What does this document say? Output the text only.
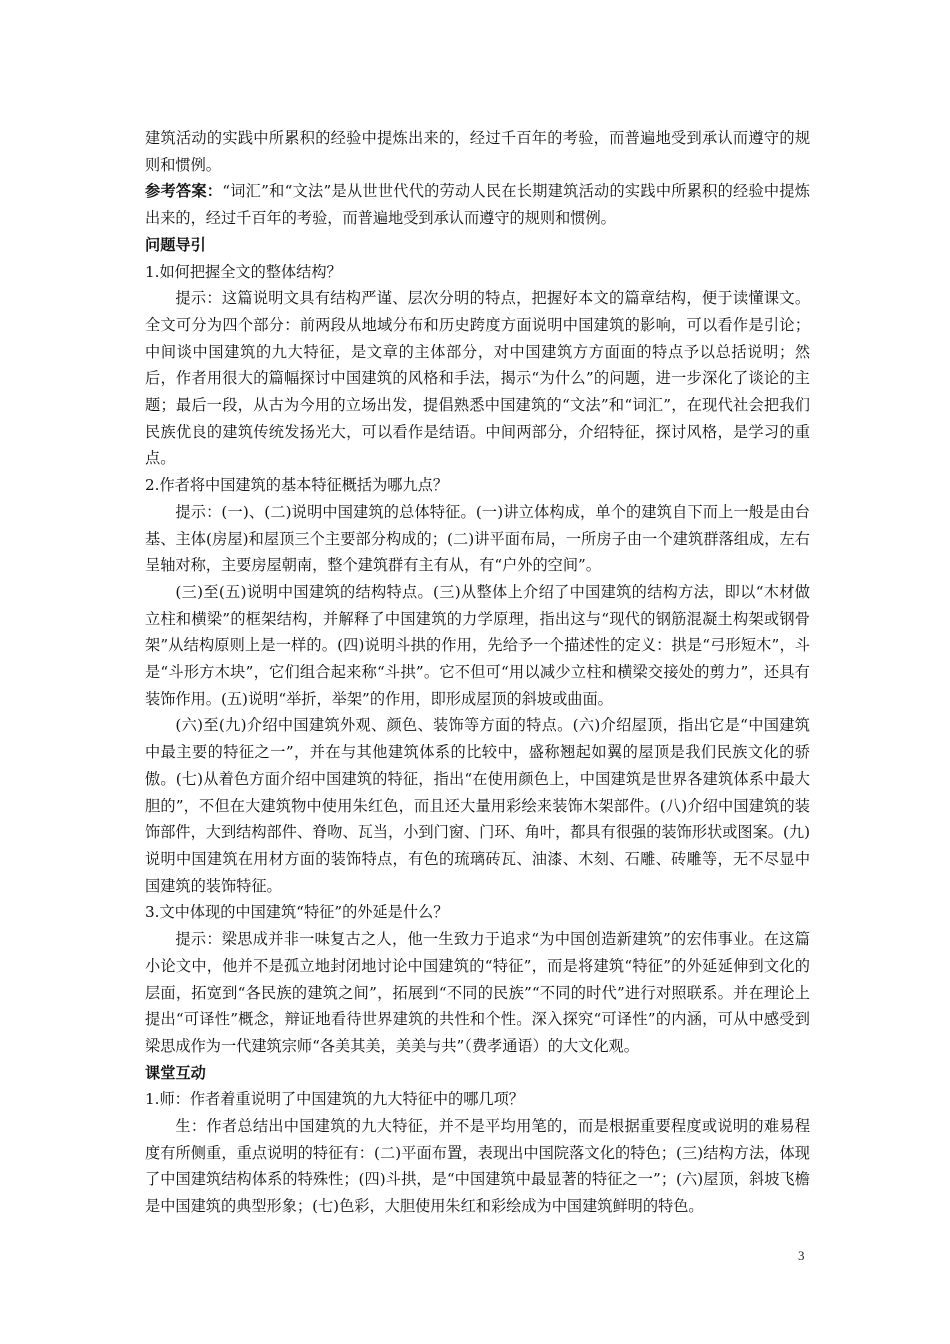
建筑活动的实践中所累积的经验中提炼出来的，经过千百年的考验，而普遍地受到承认而遵守的规则和惯例。

参考答案：“词汇”和“文法”是从世世代代的劳动人民在长期建筑活动的实践中所累积的经验中提炼出来的，经过千百年的考验，而普遍地受到承认而遵守的规则和惯例。

问题导引

1.如何把握全文的整体结构？

提示：这篇说明文具有结构严谨、层次分明的特点，把握好本文的篇章结构，便于读懂课文。全文可分为四个部分：前两段从地域分布和历史跨度方面说明中国建筑的影响，可以看作是引论；中间谈中国建筑的九大特征，是文章的主体部分，对中国建筑方方面面的特点予以总括说明；然后，作者用很大的篇幅探讨中国建筑的风格和手法，揭示“为什么”的问题，进一步深化了谈论的主题；最后一段，从古为今用的立场出发，提倡熟悉中国建筑的“文法”和“词汇”，在现代社会把我们民族优良的建筑传统发扬光大，可以看作是结语。中间两部分，介绍特征，探讨风格，是学习的重点。

2.作者将中国建筑的基本特征概括为哪九点？

提示：(一)、(二)说明中国建筑的总体特征。(一)讲立体构成，单个的建筑自下而上一般是由台基、主体(房屋)和屋顶三个主要部分构成的；(二)讲平面布局，一所房子由一个建筑群落组成，左右呈轴对称，主要房屋朝南，整个建筑群有主有从，有“户外的空间”。

(三)至(五)说明中国建筑的结构特点。(三)从整体上介绍了中国建筑的结构方法，即以“木材做立柱和横梁”的框架结构，并解释了中国建筑的力学原理，指出这与“现代的钢筋混凝土构架或钢骨架”从结构原则上是一样的。(四)说明斗拱的作用，先给予一个描述性的定义：拱是“弓形短木”，斗是“斗形方木块”，它们组合起来称“斗拱”。它不但可“用以减少立柱和横梁交接处的剪力”，还具有装饰作用。(五)说明“举折，举架”的作用，即形成屋顶的斜坡或曲面。

(六)至(九)介绍中国建筑外观、颜色、装饰等方面的特点。(六)介绍屋顶，指出它是“中国建筑中最主要的特征之一”，并在与其他建筑体系的比较中，盛称翘起如翼的屋顶是我们民族文化的骄傲。(七)从着色方面介绍中国建筑的特征，指出“在使用颜色上，中国建筑是世界各建筑体系中最大胆的”，不但在大建筑物中使用朱红色，而且还大量用彩绘来装饰木架部件。(八)介绍中国建筑的装饰部件，大到结构部件、脊吻、瓦当，小到门窗、门环、角叶，都具有很强的装饰形状或图案。(九)说明中国建筑在用材方面的装饰特点，有色的琉璃砖瓦、油漆、木刻、石雕、砖雕等，无不尽显中国建筑的装饰特征。

3.文中体现的中国建筑“特征”的外延是什么？

提示：梁思成并非一味复古之人，他一生致力于追求“为中国创造新建筑”的宏伟事业。在这篇小论文中，他并不是孤立地封闭地讨论中国建筑的“特征”，而是将建筑“特征”的外延延伸到文化的层面，拓宽到“各民族的建筑之间”，拓展到“不同的民族”“不同的时代”进行对照联系。并在理论上提出“可译性”概念，辩证地看待世界建筑的共性和个性。深入探究“可译性”的内涵，可从中感受到梁思成作为一代建筑宗师“各美其美，美美与共”（费孝通语）的大文化观。

课堂互动

1.师：作者着重说明了中国建筑的九大特征中的哪几项？

生：作者总结出中国建筑的九大特征，并不是平均用笔的，而是根据重要程度或说明的难易程度有所侧重，重点说明的特征有：(二)平面布置，表现出中国院落文化的特色；(三)结构方法，体现了中国建筑结构体系的特殊性；(四)斗拱，是“中国建筑中最显著的特征之一”；(六)屋顶，斜坡飞檐是中国建筑的典型形象；(七)色彩，大胆使用朱红和彩绘成为中国建筑鲜明的特色。

3
